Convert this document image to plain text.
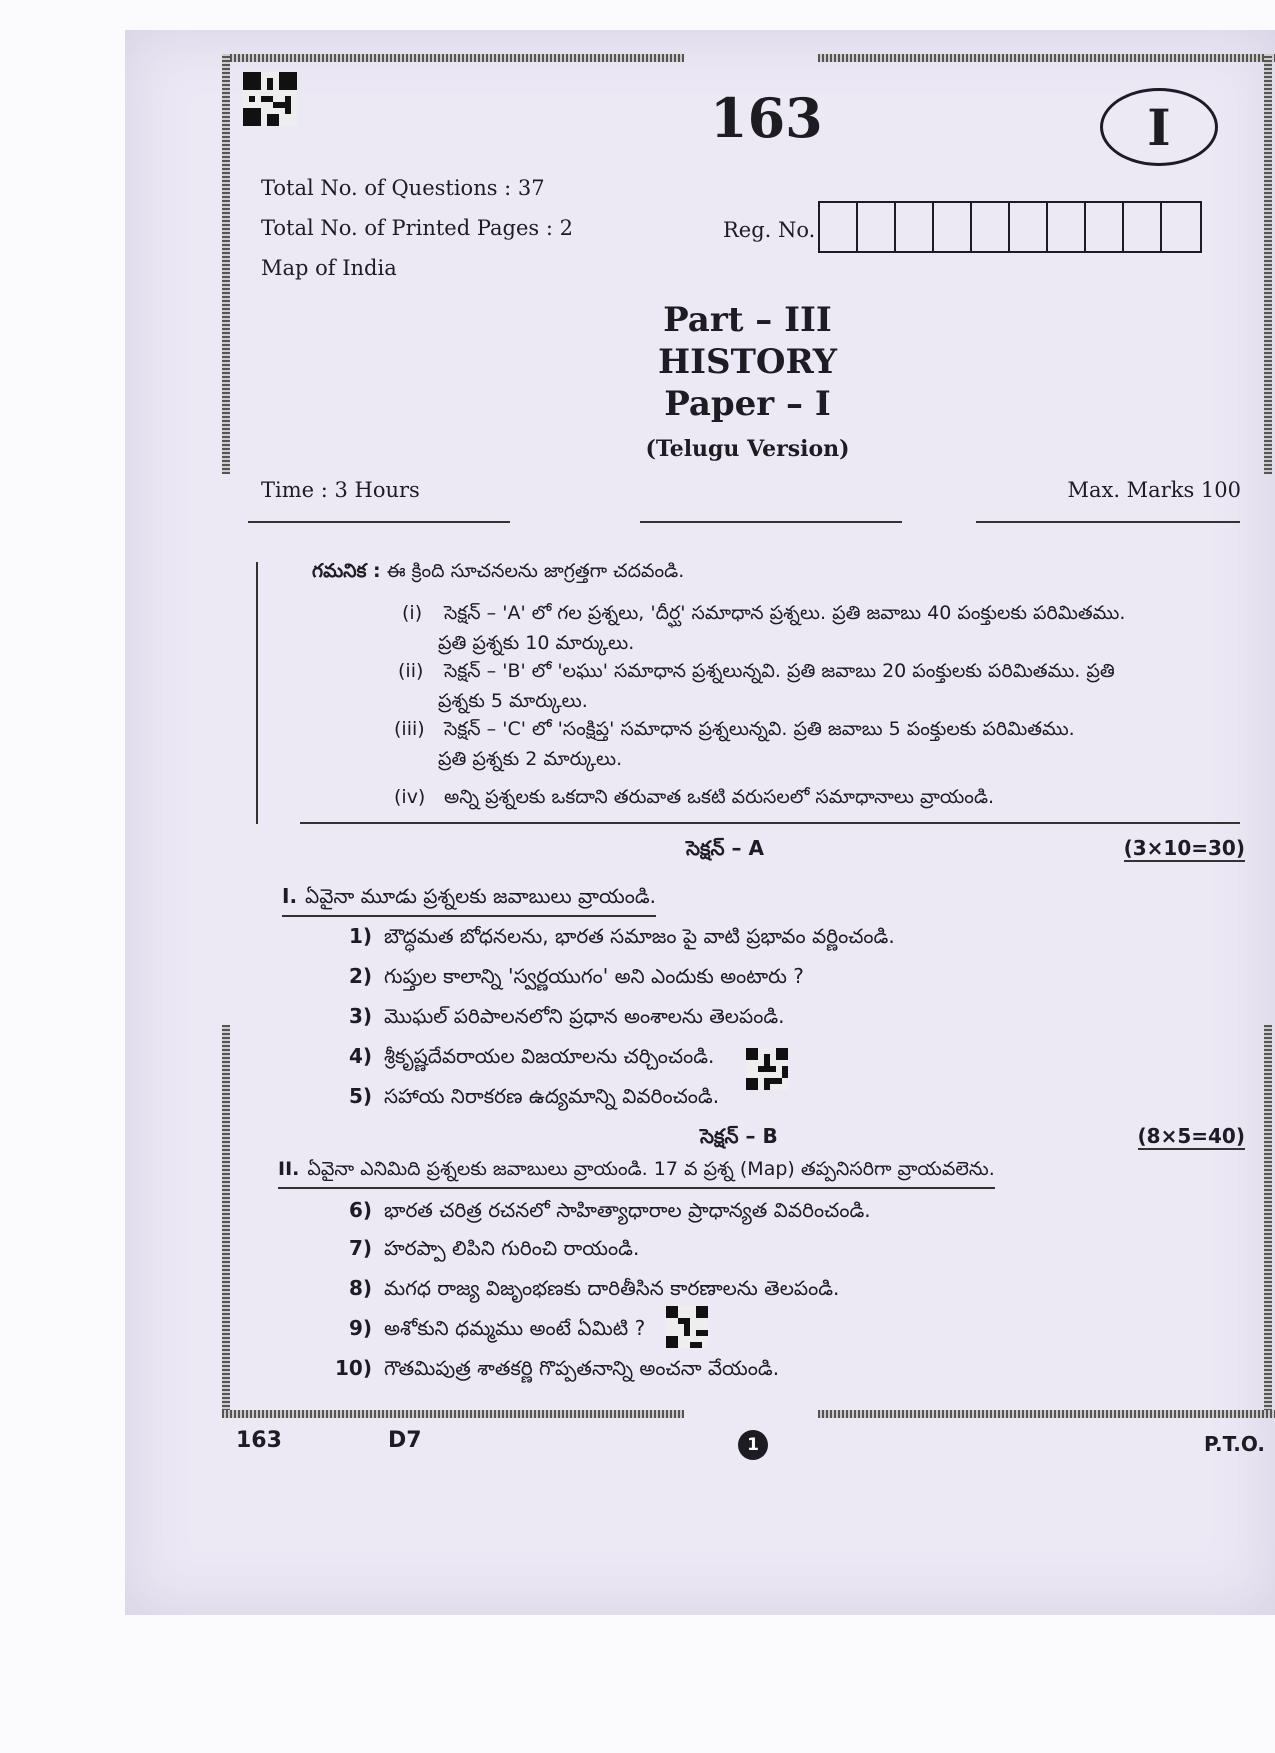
163	I
Total No. of Questions : 37
Total No. of Printed Pages : 2
Map of India
Reg. No.
Part – III
HISTORY
Paper – I
(Telugu Version)
Time : 3 Hours	Max. Marks 100
గమనిక : ఈ క్రింది సూచనలను జాగ్రత్తగా చదవండి.
(i) సెక్షన్ – 'A' లో గల ప్రశ్నలు, 'దీర్ఘ' సమాధాన ప్రశ్నలు. ప్రతి జవాబు 40 పంక్తులకు పరిమితము.
ప్రతి ప్రశ్నకు 10 మార్కులు.
(ii) సెక్షన్ – 'B' లో 'లఘు' సమాధాన ప్రశ్నలున్నవి. ప్రతి జవాబు 20 పంక్తులకు పరిమితము. ప్రతి
ప్రశ్నకు 5 మార్కులు.
(iii) సెక్షన్ – 'C' లో 'సంక్షిప్త' సమాధాన ప్రశ్నలున్నవి. ప్రతి జవాబు 5 పంక్తులకు పరిమితము.
ప్రతి ప్రశ్నకు 2 మార్కులు.
(iv) అన్ని ప్రశ్నలకు ఒకదాని తరువాత ఒకటి వరుసలలో సమాధానాలు వ్రాయండి.
సెక్షన్ – A	(3×10=30)
I. ఏవైనా మూడు ప్రశ్నలకు జవాబులు వ్రాయండి.
1) బౌద్ధమత బోధనలను, భారత సమాజం పై వాటి ప్రభావం వర్ణించండి.
2) గుప్తుల కాలాన్ని 'స్వర్ణయుగం' అని ఎందుకు అంటారు ?
3) మొఘల్ పరిపాలనలోని ప్రధాన అంశాలను తెలపండి.
4) శ్రీకృష్ణదేవరాయల విజయాలను చర్చించండి.
5) సహాయ నిరాకరణ ఉద్యమాన్ని వివరించండి.
సెక్షన్ – B	(8×5=40)
II. ఏవైనా ఎనిమిది ప్రశ్నలకు జవాబులు వ్రాయండి. 17 వ ప్రశ్న (Map) తప్పనిసరిగా వ్రాయవలెను.
6) భారత చరిత్ర రచనలో సాహిత్యాధారాల ప్రాధాన్యత వివరించండి.
7) హరప్పా లిపిని గురించి రాయండి.
8) మగధ రాజ్య విజృంభణకు దారితీసిన కారణాలను తెలపండి.
9) అశోకుని ధమ్మము అంటే ఏమిటి ?
10) గౌతమిపుత్ర శాతకర్ణి గొప్పతనాన్ని అంచనా వేయండి.
163	D7	1	P.T.O.
